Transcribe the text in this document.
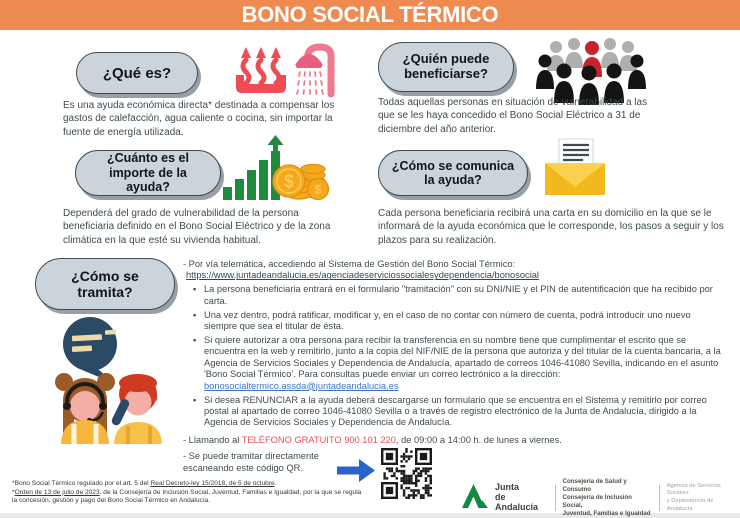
BONO SOCIAL TÉRMICO
¿Qué es?
Es una ayuda económica directa* destinada a compensar los gastos de calefacción, agua caliente o cocina, sin importar la fuente de energía utilizada.
¿Quién puede beneficiarse?
Todas aquellas personas en situación de vulnerabilidad a las que se les haya concedido el Bono Social Eléctrico a 31 de diciembre del año anterior.
¿Cuánto es el importe de la ayuda?	$ $
Dependerá del grado de vulnerabilidad de la persona beneficiaria definido en el Bono Social Eléctrico y de la zona climática en la que esté su vivienda habitual.
¿Cómo se comunica la ayuda?
Cada persona beneficiaria recibirá una carta en su domicilio en la que se le informará de la ayuda económica que le corresponde, los pasos a seguir y los plazos para su realización.
¿Cómo se tramita?
- Por vía telemática, accediendo al Sistema de Gestión del Bono Social Térmico:
https://www.juntadeandalucia.es/agenciadeserviciossocialesydependencia/bonosocial
• La persona beneficiaria entrará en el formulario "tramitación" con su DNI/NIE y el PIN de autentificación que ha recibido por carta.
• Una vez dentro, podrá ratificar, modificar y, en el caso de no contar con número de cuenta, podrá introducir uno nuevo siempre que sea el titular de ésta.
• Si quiere autorizar a otra persona para recibir la transferencia en su nombre tiene que cumplimentar el escrito que se encuentra en la web y remitirlo, junto a la copia del NIF/NIE de la persona que autoriza y del titular de la cuenta bancaria, a la Agencia de Servicios Sociales y Dependencia de Andalucía, apartado de correos 1046-41080 Sevilla, indicando en el asunto 'Bono Social Térmico'. Para consultas puede enviar un correo lectrónico a la dirección: bonosocialtermico.assda@juntadeandalucia.es
• Si desea RENUNCIAR a la ayuda deberá descargarse un formulario que se encuentra en el Sistema y remitirlo por correo postal al apartado de correo 1046-41080 Sevilla o a través de registro electrónico de la Junta de Andalucía, dirigido a la Agencia de Servicios Sociales y Dependencia de Andalucía.
- Llamando al TELÉFONO GRATUITO 900 101 220, de 09:00 a 14:00 h. de lunes a viernes.
- Se puede tramitar directamente
escaneando este código QR.
*Bono Social Térmico regulado por el art. 5 del Real Decreto-ley 15/2018, de 5 de octubre.
*Orden de 13 de julio de 2023, de la Consejería de Inclusión Social, Juventud, Familias e Igualdad, por la que se regula la concesión, gestión y pago del Bono Social Térmico en Andalucía.
Junta
de Andalucía
Consejería de Salud y Consumo
Consejería de Inclusión Social,
Juventud, Familias e Igualdad
Agencia de Servicios Sociales
y Dependencia de Andalucía
